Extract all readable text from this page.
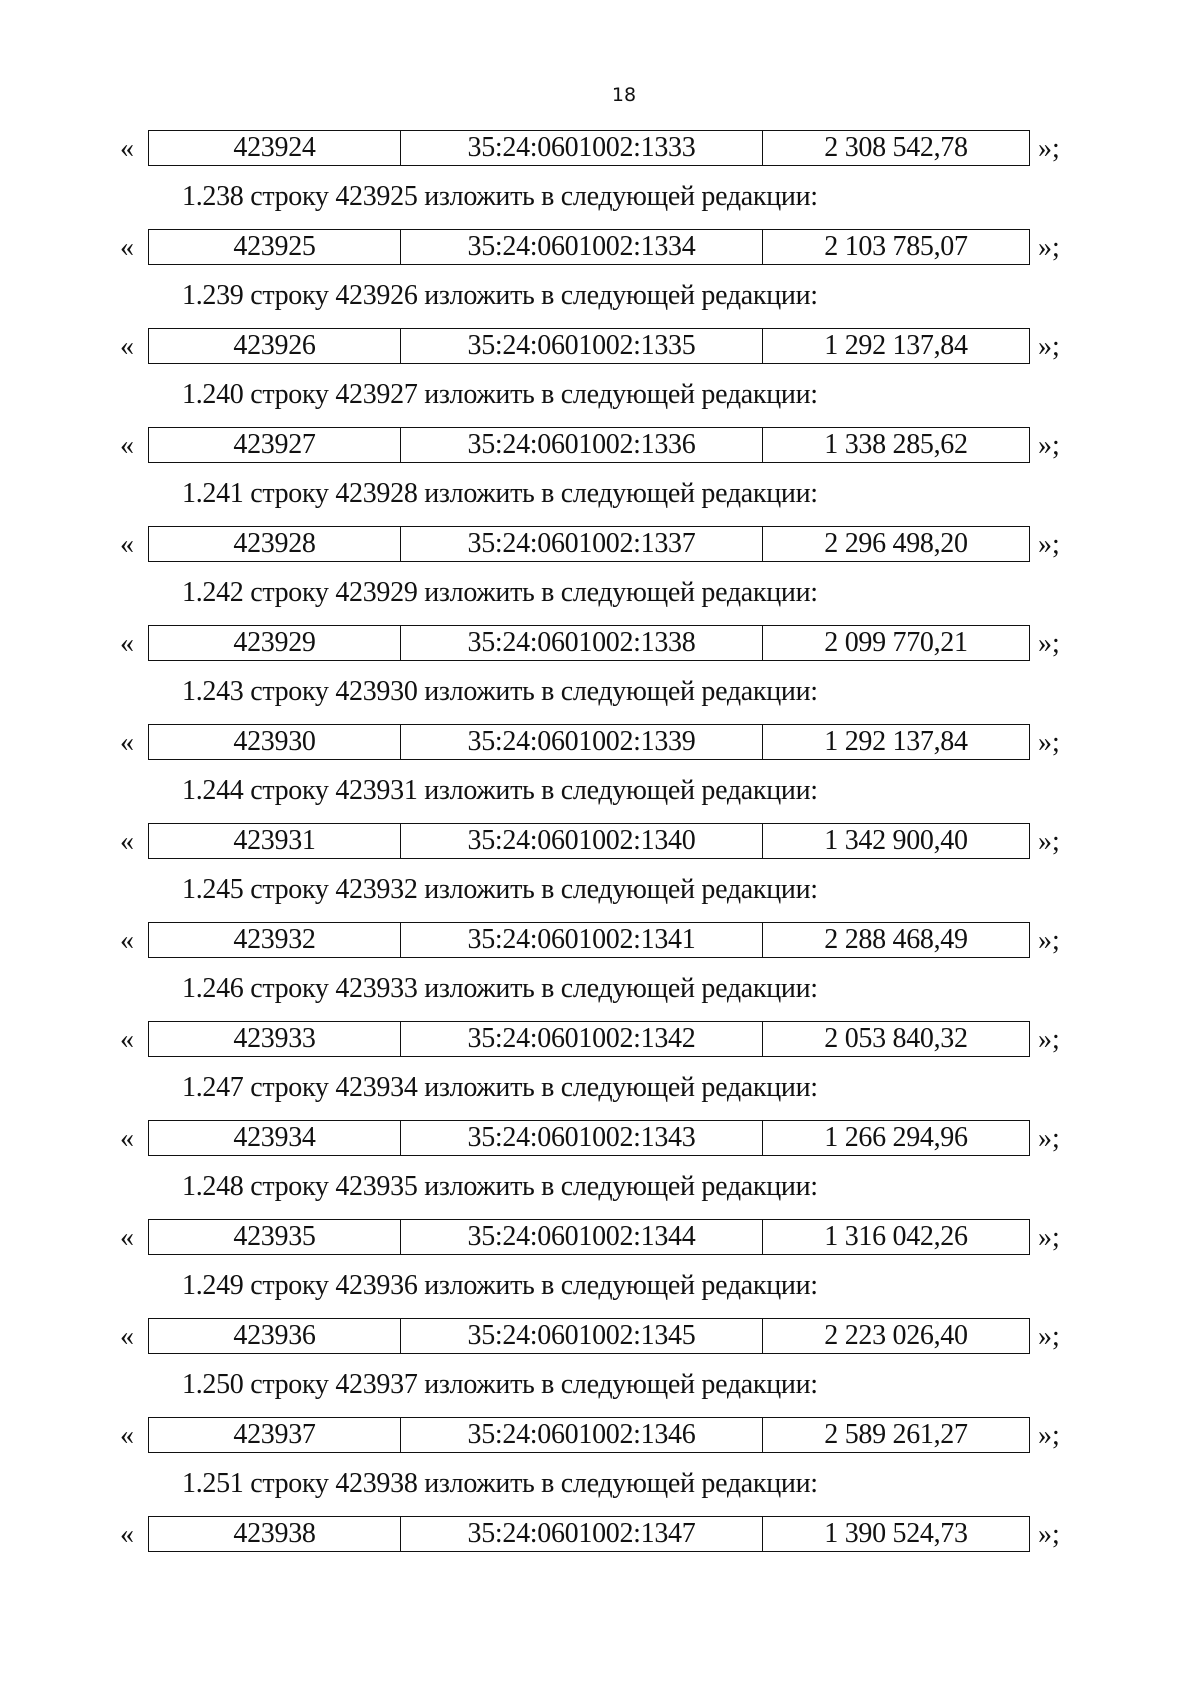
18
«	423924	35:24:0601002:1333	2 308 542,78	»;
1.238 строку 423925 изложить в следующей редакции:
«	423925	35:24:0601002:1334	2 103 785,07	»;
1.239 строку 423926 изложить в следующей редакции:
«	423926	35:24:0601002:1335	1 292 137,84	»;
1.240 строку 423927 изложить в следующей редакции:
«	423927	35:24:0601002:1336	1 338 285,62	»;
1.241 строку 423928 изложить в следующей редакции:
«	423928	35:24:0601002:1337	2 296 498,20	»;
1.242 строку 423929 изложить в следующей редакции:
«	423929	35:24:0601002:1338	2 099 770,21	»;
1.243 строку 423930 изложить в следующей редакции:
«	423930	35:24:0601002:1339	1 292 137,84	»;
1.244 строку 423931 изложить в следующей редакции:
«	423931	35:24:0601002:1340	1 342 900,40	»;
1.245 строку 423932 изложить в следующей редакции:
«	423932	35:24:0601002:1341	2 288 468,49	»;
1.246 строку 423933 изложить в следующей редакции:
«	423933	35:24:0601002:1342	2 053 840,32	»;
1.247 строку 423934 изложить в следующей редакции:
«	423934	35:24:0601002:1343	1 266 294,96	»;
1.248 строку 423935 изложить в следующей редакции:
«	423935	35:24:0601002:1344	1 316 042,26	»;
1.249 строку 423936 изложить в следующей редакции:
«	423936	35:24:0601002:1345	2 223 026,40	»;
1.250 строку 423937 изложить в следующей редакции:
«	423937	35:24:0601002:1346	2 589 261,27	»;
1.251 строку 423938 изложить в следующей редакции:
«	423938	35:24:0601002:1347	1 390 524,73	»;
